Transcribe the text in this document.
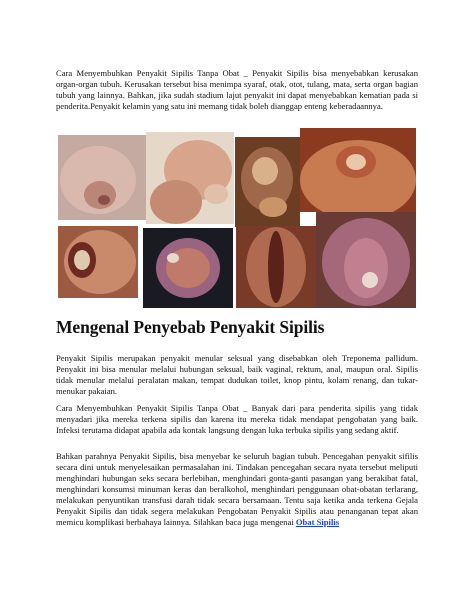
Cara Menyembuhkan Penyakit Sipilis Tanpa Obat _ Penyakit Sipilis bisa menyebabkan kerusakan organ-organ tubuh. Kerusakan tersebut bisa menimpa syaraf, otak, otot, tulang, mata, serta organ bagian tubuh yang lainnya. Bahkan, jika sudah stadium lajut penyakit ini dapat menyebabkan kematian pada si penderita.Penyakit kelamin yang satu ini memang tidak boleh dianggap enteng keberadaannya.

Mengenal Penyebab Penyakit Sipilis

Penyakit Sipilis merupakan penyakit menular seksual yang disebabkan oleh Treponema pallidum. Penyakit ini bisa menular melalui hubungan seksual, baik vaginal, rektum, anal, maupun oral. Sipilis tidak menular melalui peralatan makan, tempat dudukan toilet, knop pintu, kolam renang, dan tukar-menukar pakaian.

Cara Menyembuhkan Penyakit Sipilis Tanpa Obat _ Banyak dari para penderita sipilis yang tidak menyadari jika mereka terkena sipilis dan karena itu mereka tidak mendapat pengobatan yang baik. Infeksi terutama didapat apabila ada kontak langsung dengan luka terbuka sipilis yang sedang aktif.

Bahkan parahnya Penyakit Sipilis, bisa menyebar ke seluruh bagian tubuh. Pencegahan penyakit sifilis secara dini untuk menyelesaikan permasalahan ini. Tindakan pencegahan secara nyata tersebut meliputi menghindari hubungan seks secara berlebihan, menghindari gonta-ganti pasangan yang berakibat fatal, menghindari konsumsi minuman keras dan beralkohol, menghindari penggunaan obat-obatan terlarang, melakukan penyuntikan transfusi darah tidak secara bersamaan. Tentu saja ketika anda terkena Gejala Penyakit Sipilis dan tidak segera melakukan Pengobatan Penyakit Sipilis atau penanganan tepat akan memicu komplikasi berbahaya lainnya. Silahkan baca juga mengenai Obat Sipilis
